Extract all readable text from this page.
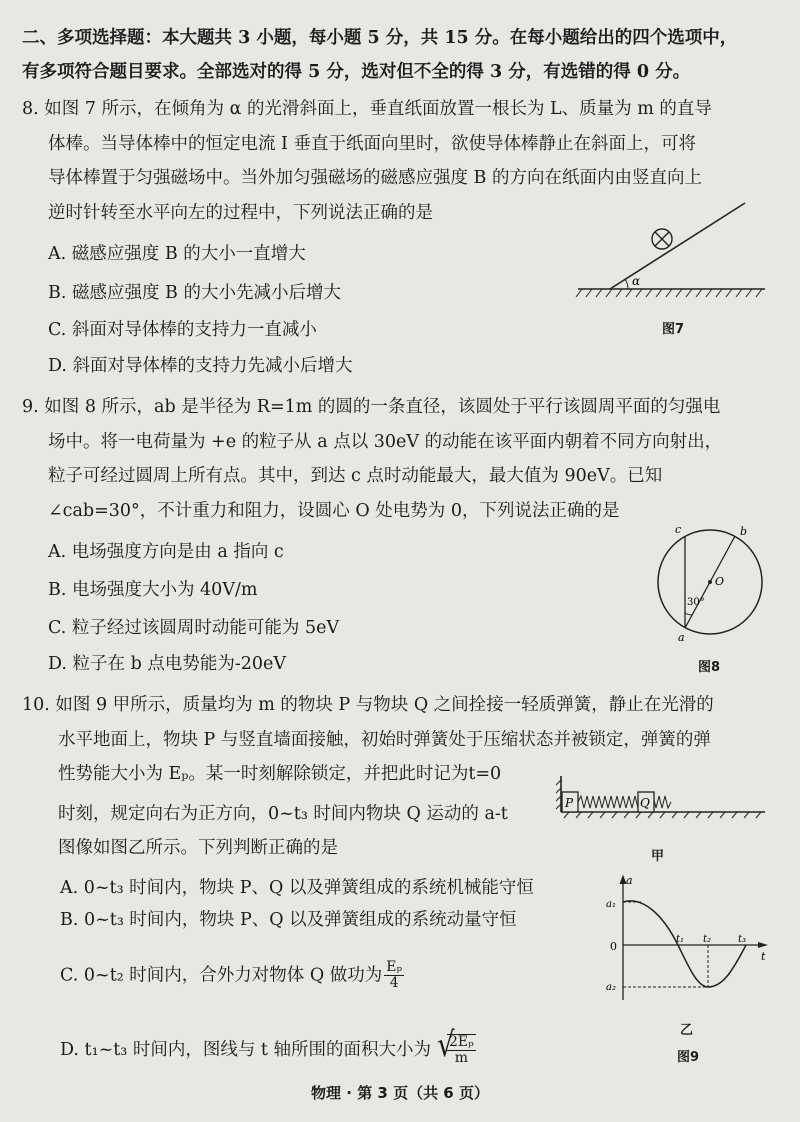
二、多项选择题：本大题共 3 小题，每小题 5 分，共 15 分。在每小题给出的四个选项中，
有多项符合题目要求。全部选对的得 5 分，选对但不全的得 3 分，有选错的得 0 分。
8. 如图 7 所示，在倾角为 α 的光滑斜面上，垂直纸面放置一根长为 L、质量为 m 的直导
体棒。当导体棒中的恒定电流 I 垂直于纸面向里时，欲使导体棒静止在斜面上，可将
导体棒置于匀强磁场中。当外加匀强磁场的磁感应强度 B 的方向在纸面内由竖直向上
逆时针转至水平向左的过程中，下列说法正确的是
A. 磁感应强度 B 的大小一直增大
B. 磁感应强度 B 的大小先减小后增大
C. 斜面对导体棒的支持力一直减小
D. 斜面对导体棒的支持力先减小后增大
α
图7
9. 如图 8 所示，ab 是半径为 R=1m 的圆的一条直径，该圆处于平行该圆周平面的匀强电
场中。将一电荷量为 +e 的粒子从 a 点以 30eV 的动能在该平面内朝着不同方向射出，
粒子可经过圆周上所有点。其中，到达 c 点时动能最大，最大值为 90eV。已知
∠cab=30°，不计重力和阻力，设圆心 O 处电势为 0，下列说法正确的是
A. 电场强度方向是由 a 指向 c
B. 电场强度大小为 40V/m
C. 粒子经过该圆周时动能可能为 5eV
D. 粒子在 b 点电势能为-20eV
c	b
O
a
30°
图8
10. 如图 9 甲所示，质量均为 m 的物块 P 与物块 Q 之间拴接一轻质弹簧，静止在光滑的
水平地面上，物块 P 与竖直墙面接触，初始时弹簧处于压缩状态并被锁定，弹簧的弹
性势能大小为 Eₚ。某一时刻解除锁定，并把此时记为t=0
时刻，规定向右为正方向，0~t₃ 时间内物块 Q 运动的 a-t
图像如图乙所示。下列判断正确的是
A. 0~t₃ 时间内，物块 P、Q 以及弹簧组成的系统机械能守恒
B. 0~t₃ 时间内，物块 P、Q 以及弹簧组成的系统动量守恒
C. 0~t₂ 时间内，合外力对物体 Q 做功为 $\frac{\text{Eₚ}}{4}$
D. t₁~t₃ 时间内，图线与 t 轴所围的面积大小为 √
$\frac{\text{2Eₚ}}{m}$
P	Q
甲
a
a₁
0
a₂
t₁ t₂	t₃
t
乙
图9
物理 · 第 3 页（共 6 页）
